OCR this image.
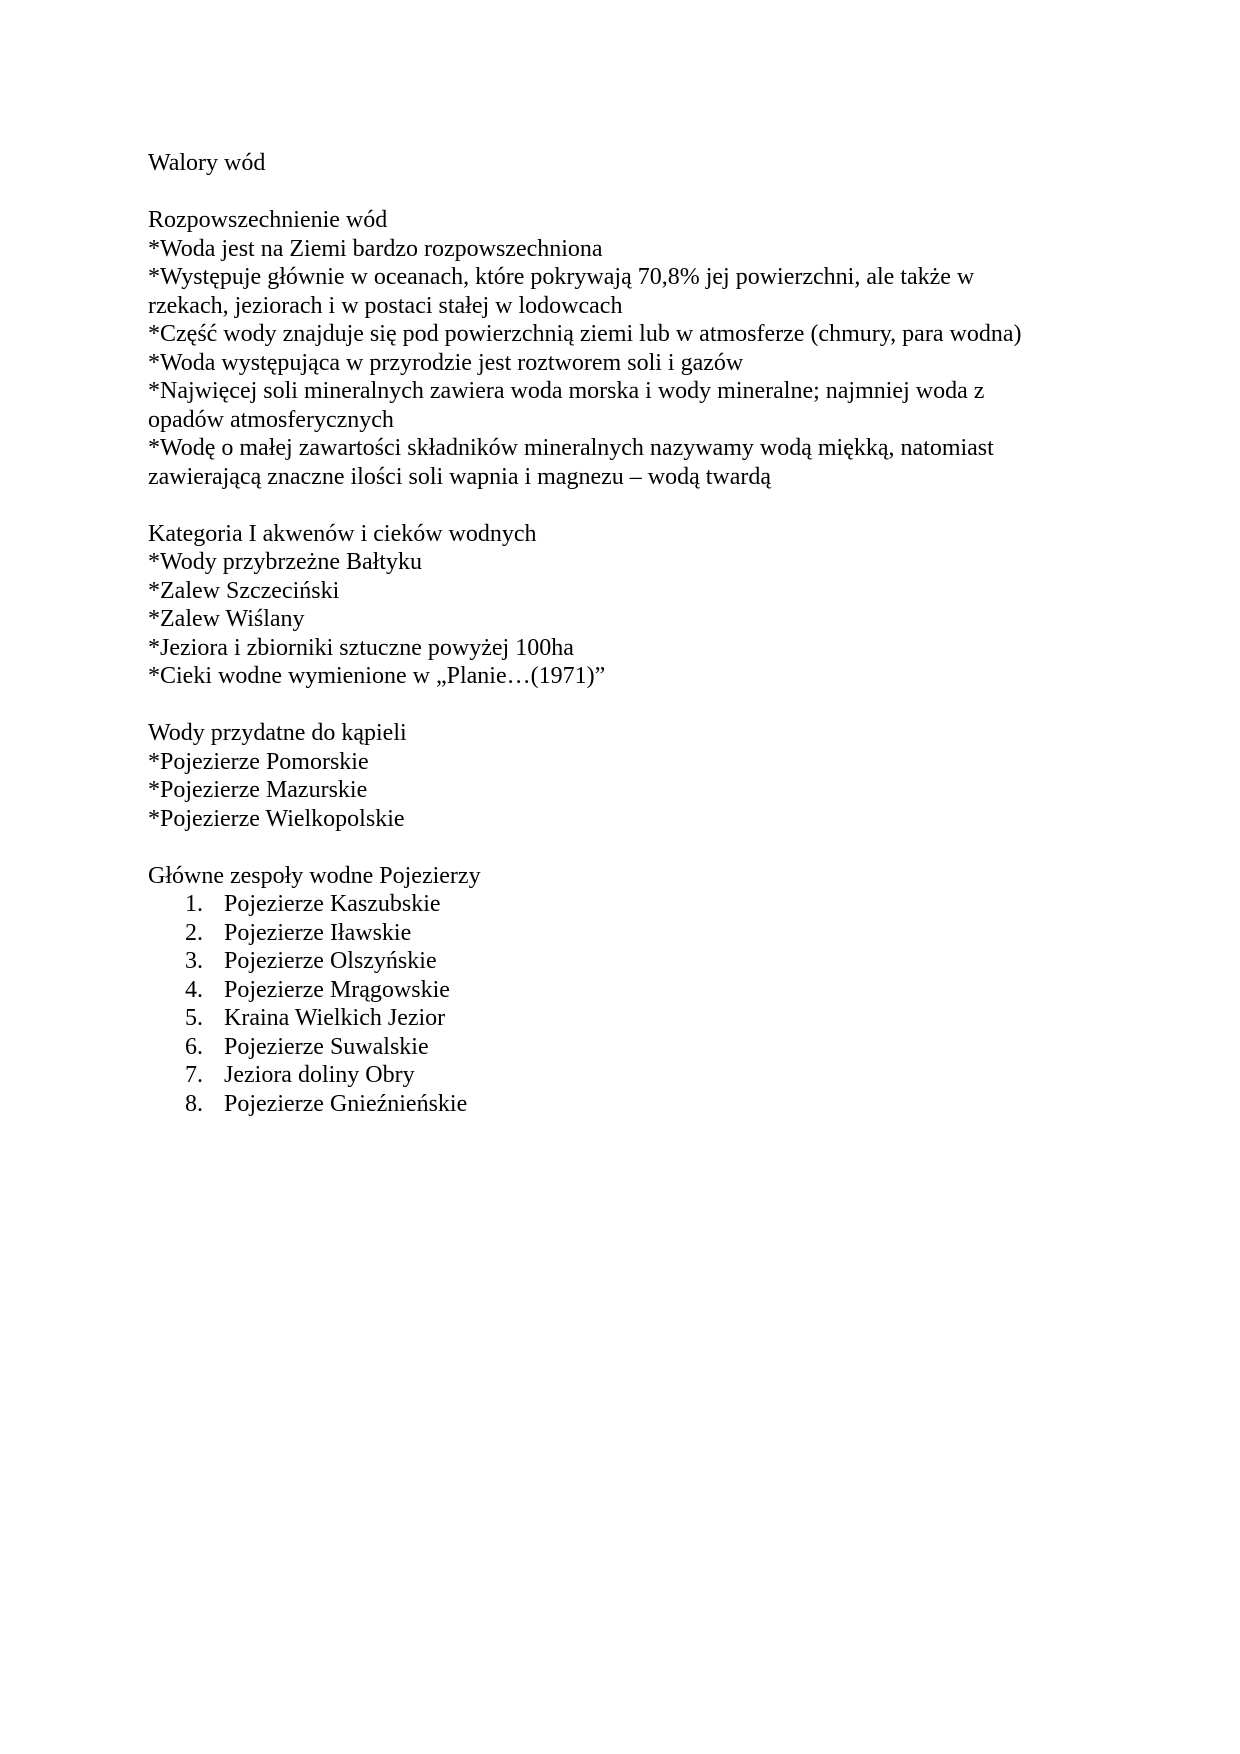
Walory wód

Rozpowszechnienie wód
*Woda jest na Ziemi bardzo rozpowszechniona
*Występuje głównie w oceanach, które pokrywają 70,8% jej powierzchni, ale także w
rzekach, jeziorach i w postaci stałej w lodowcach
*Część wody znajduje się pod powierzchnią ziemi lub w atmosferze (chmury, para wodna)
*Woda występująca w przyrodzie jest roztworem soli i gazów
*Najwięcej soli mineralnych zawiera woda morska i wody mineralne; najmniej woda z
opadów atmosferycznych
*Wodę o małej zawartości składników mineralnych nazywamy wodą miękką, natomiast
zawierającą znaczne ilości soli wapnia i magnezu – wodą twardą

Kategoria I akwenów i cieków wodnych
*Wody przybrzeżne Bałtyku
*Zalew Szczeciński
*Zalew Wiślany
*Jeziora i zbiorniki sztuczne powyżej 100ha
*Cieki wodne wymienione w „Planie…(1971)”

Wody przydatne do kąpieli
*Pojezierze Pomorskie
*Pojezierze Mazurskie
*Pojezierze Wielkopolskie

Główne zespoły wodne Pojezierzy
1. Pojezierze Kaszubskie
2. Pojezierze Iławskie
3. Pojezierze Olszyńskie
4. Pojezierze Mrągowskie
5. Kraina Wielkich Jezior
6. Pojezierze Suwalskie
7. Jeziora doliny Obry
8. Pojezierze Gnieźnieńskie
